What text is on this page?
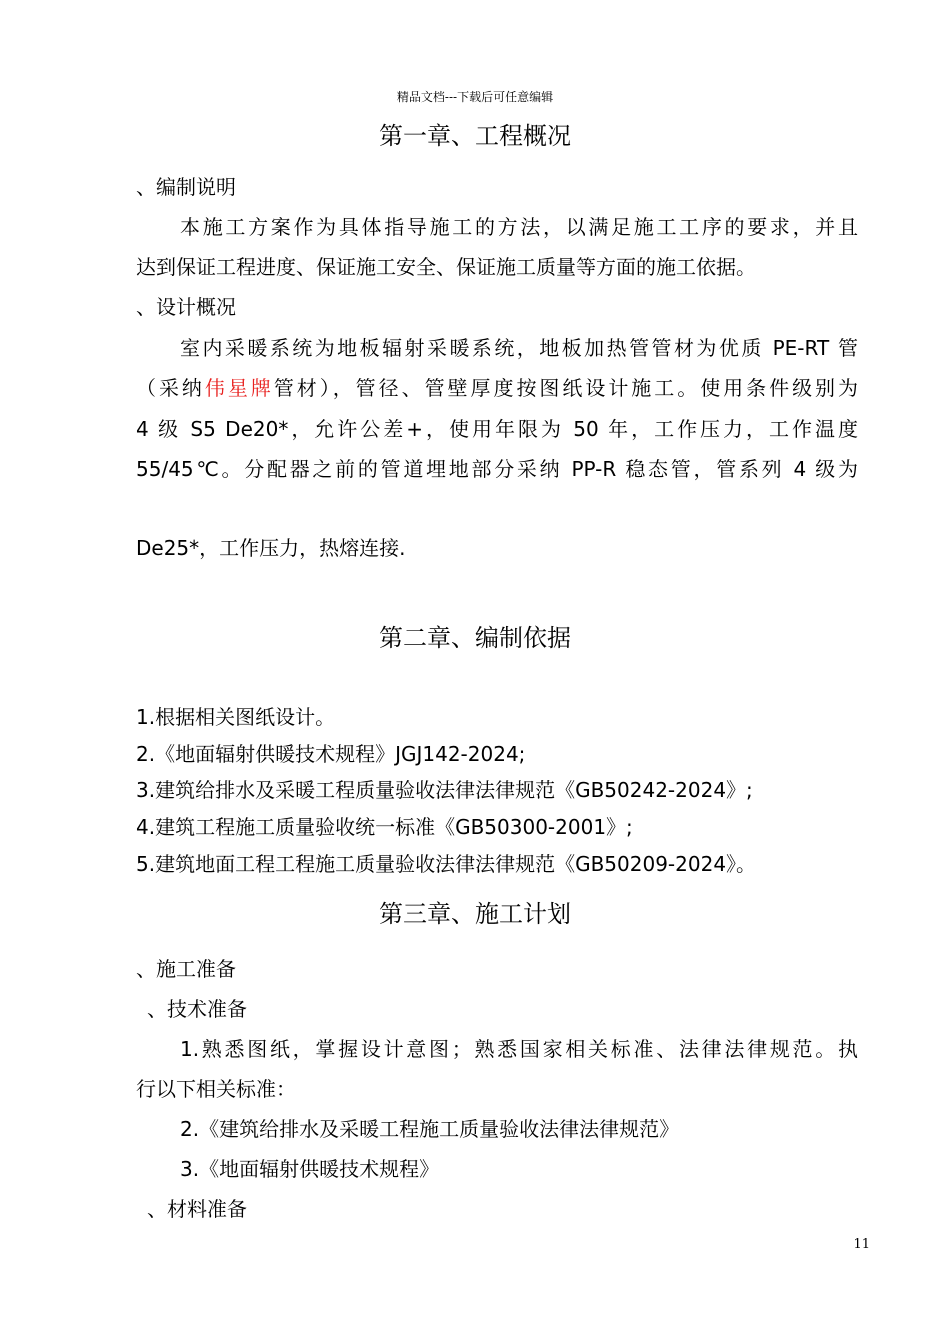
精品文档---下载后可任意编辑
第一章、工程概况
、编制说明
本施工方案作为具体指导施工的方法，以满足施工工序的要求，并且
达到保证工程进度、保证施工安全、保证施工质量等方面的施工依据。
、设计概况
室内采暖系统为地板辐射采暖系统，地板加热管管材为优质 PE-RT 管
（采纳伟星牌管材），管径、管壁厚度按图纸设计施工。使用条件级别为
4 级 S5 De20*，允许公差+，使用年限为 50 年，工作压力，工作温度
55/45℃。分配器之前的管道埋地部分采纳 PP-R 稳态管，管系列 4 级为
De25*，工作压力，热熔连接.
第二章、编制依据
1.根据相关图纸设计。
2.《地面辐射供暖技术规程》JGJ142-2024;
3.建筑给排水及采暖工程质量验收法律法律规范《GB50242-2024》;
4.建筑工程施工质量验收统一标准《GB50300-2001》;
5.建筑地面工程工程施工质量验收法律法律规范《GB50209-2024》。
第三章、施工计划
、施工准备
、技术准备
1.熟悉图纸，掌握设计意图；熟悉国家相关标准、法律法律规范。执
行以下相关标准：
2.《建筑给排水及采暖工程施工质量验收法律法律规范》
3.《地面辐射供暖技术规程》
、材料准备
11
